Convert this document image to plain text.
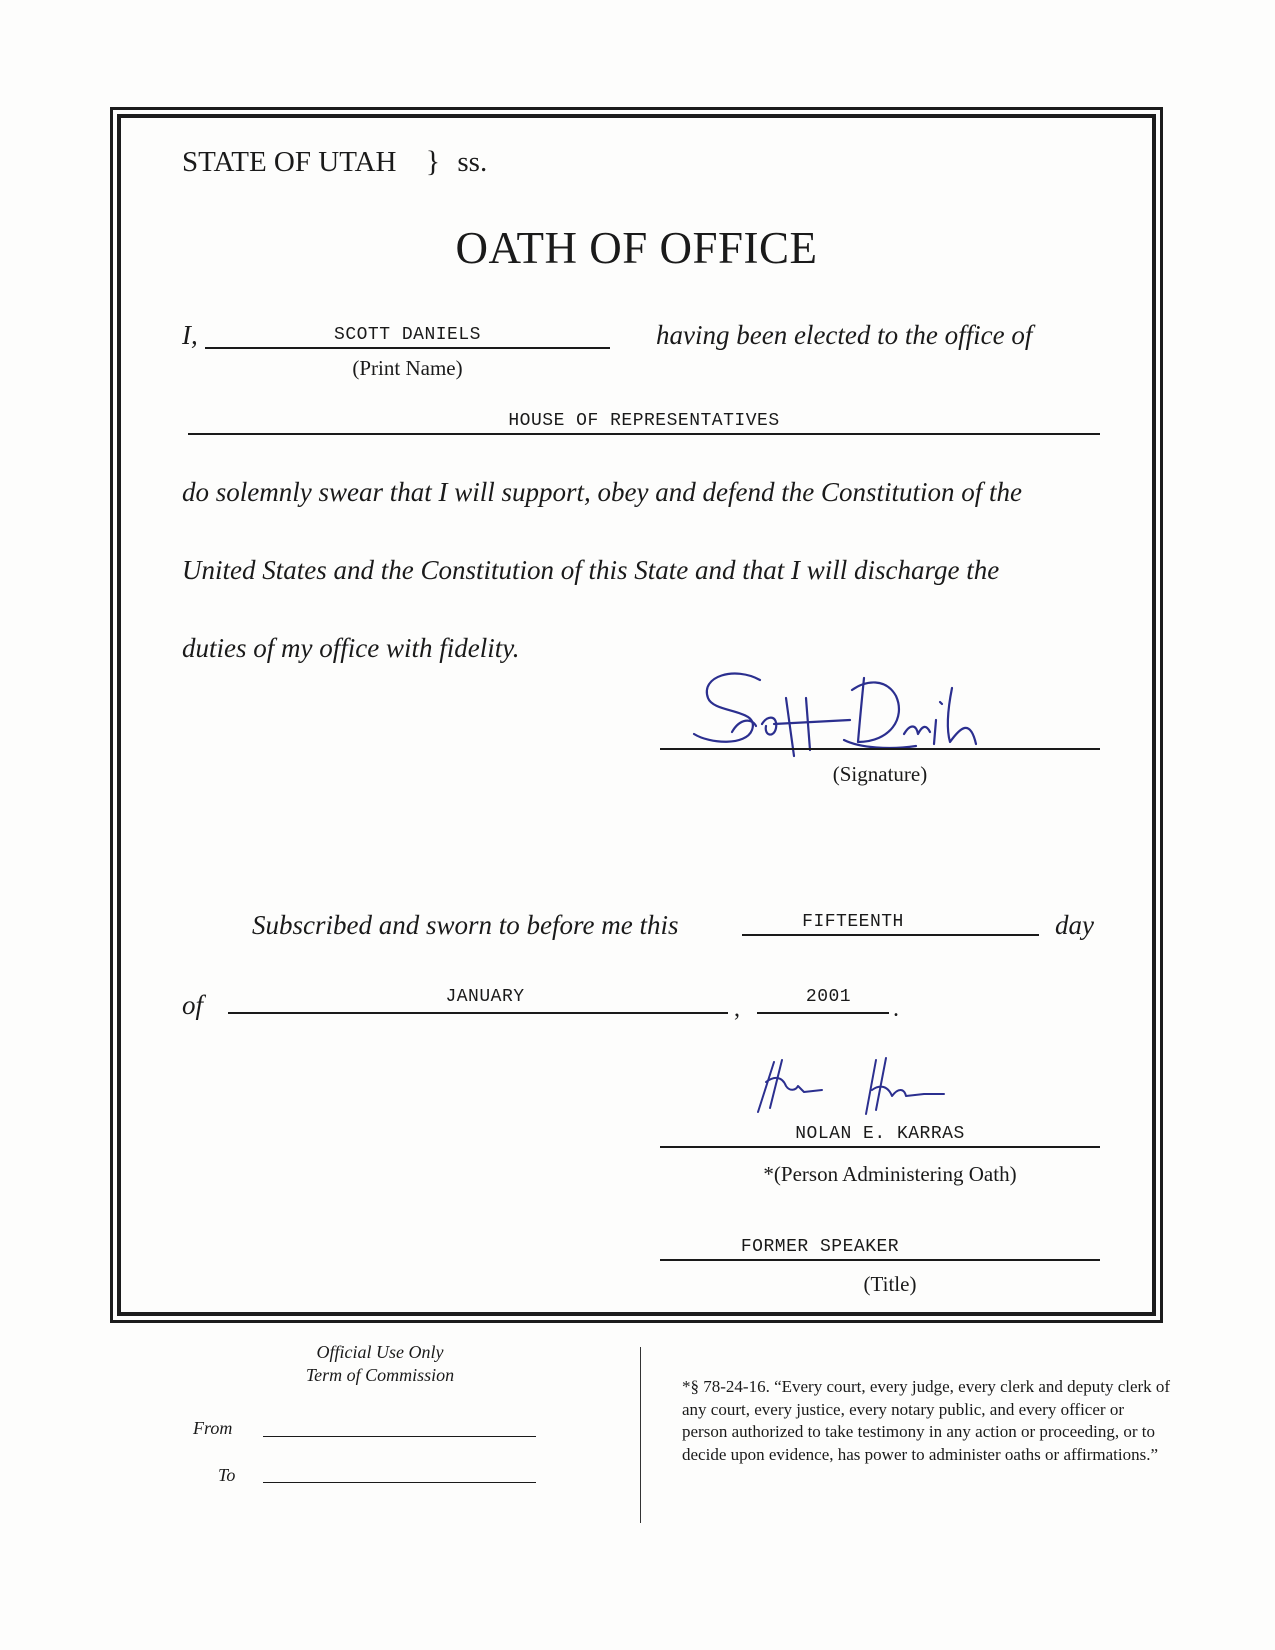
STATE OF UTAH } ss.
OATH OF OFFICE
I,	SCOTT DANIELS
(Print Name)
having been elected to the office of
HOUSE OF REPRESENTATIVES
do solemnly swear that I will support, obey and defend the Constitution of the
United States and the Constitution of this State and that I will discharge the
duties of my office with fidelity.
(Signature)
Subscribed and sworn to before me this	FIFTEENTH	day
of	JANUARY	,	2001	.
NOLAN E. KARRAS
*(Person Administering Oath)
FORMER SPEAKER
(Title)
Official Use Only
Term of Commission
From
To
*§ 78-24-16. “Every court, every judge, every clerk and deputy clerk of any court, every justice, every notary public, and every officer or person authorized to take testimony in any action or proceeding, or to decide upon evidence, has power to administer oaths or affirmations.”
